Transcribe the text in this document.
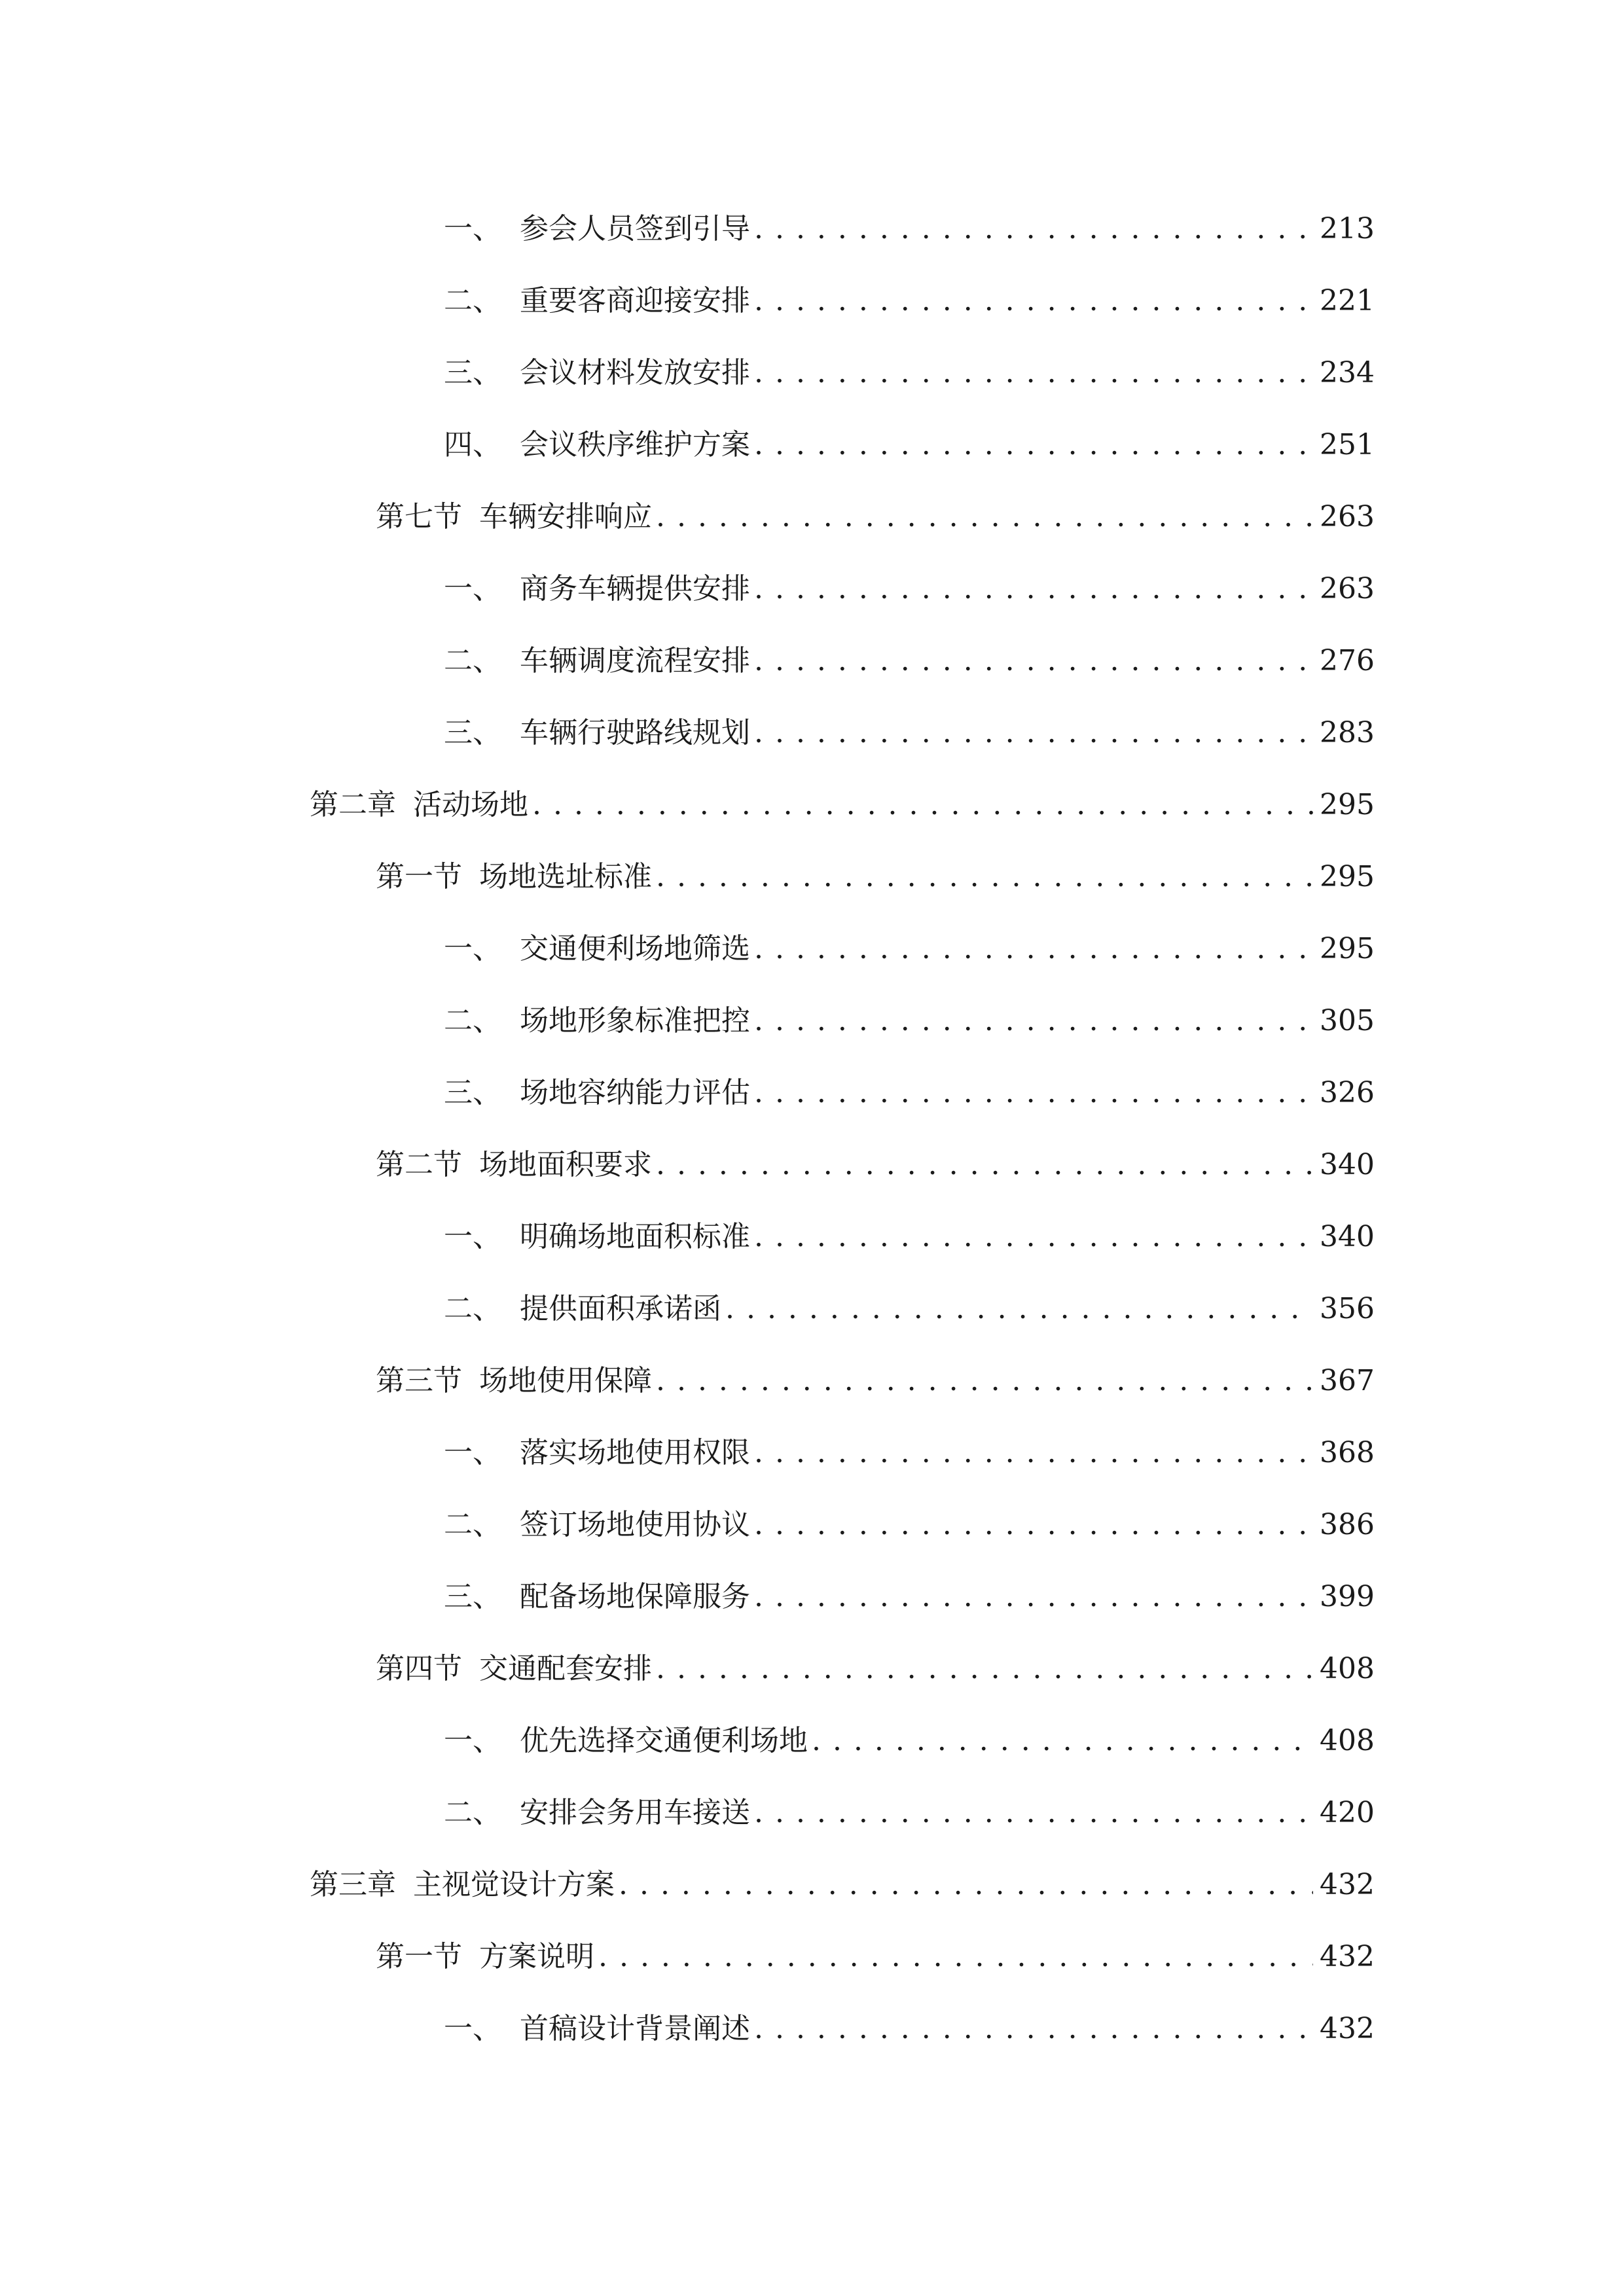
一、 参会人员签到引导 . . .	213
二、 重要客商迎接安排 . . .	221
三、 会议材料发放安排 . . .	234
四、 会议秩序维护方案 . . .	251
第七节 车辆安排响应 . . .	263
一、 商务车辆提供安排 . . .	263
二、 车辆调度流程安排 . . .	276
三、 车辆行驶路线规划 . . .	283
第二章 活动场地 . . .	295
第一节 场地选址标准 . . .	295
一、 交通便利场地筛选 . . .	295
二、 场地形象标准把控 . . .	305
三、 场地容纳能力评估 . . .	326
第二节 场地面积要求 . . .	340
一、 明确场地面积标准 . . .	340
二、 提供面积承诺函 . . .	356
第三节 场地使用保障 . . .	367
一、 落实场地使用权限 . . .	368
二、 签订场地使用协议 . . .	386
三、 配备场地保障服务 . . .	399
第四节 交通配套安排 . . .	408
一、 优先选择交通便利场地 . . .	408
二、 安排会务用车接送 . . .	420
第三章 主视觉设计方案 . . .	432
第一节 方案说明 . . .	432
一、 首稿设计背景阐述 . . .	432
